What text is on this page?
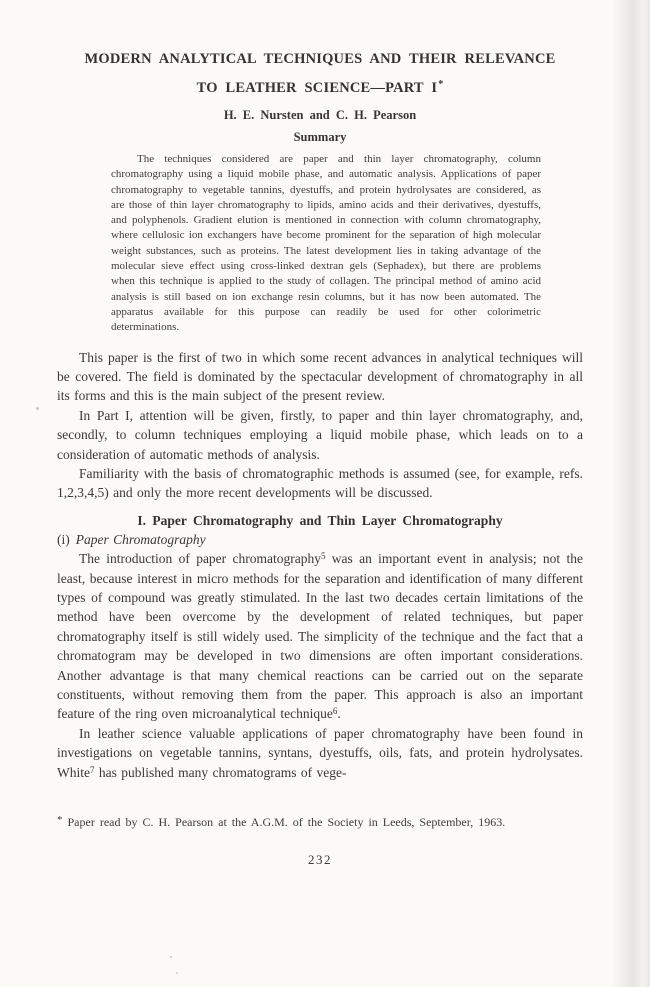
MODERN ANALYTICAL TECHNIQUES AND THEIR RELEVANCE
TO LEATHER SCIENCE—PART I*
H. E. Nursten and C. H. Pearson
Summary

The techniques considered are paper and thin layer chromatography, column chromatography using a liquid mobile phase, and automatic analysis. Applications of paper chromatography to vegetable tannins, dyestuffs, and protein hydrolysates are considered, as are those of thin layer chromatography to lipids, amino acids and their derivatives, dyestuffs, and polyphenols. Gradient elution is mentioned in connection with column chromatography, where cellulosic ion exchangers have become prominent for the separation of high molecular weight substances, such as proteins. The latest development lies in taking advantage of the molecular sieve effect using cross-linked dextran gels (Sephadex), but there are problems when this technique is applied to the study of collagen. The principal method of amino acid analysis is still based on ion exchange resin columns, but it has now been automated. The apparatus available for this purpose can readily be used for other colorimetric determinations.

This paper is the first of two in which some recent advances in analytical techniques will be covered. The field is dominated by the spectacular development of chromatography in all its forms and this is the main subject of the present review.

In Part I, attention will be given, firstly, to paper and thin layer chromatography, and, secondly, to column techniques employing a liquid mobile phase, which leads on to a consideration of automatic methods of analysis.

Familiarity with the basis of chromatographic methods is assumed (see, for example, refs. 1,2,3,4,5) and only the more recent developments will be discussed.

I. Paper Chromatography and Thin Layer Chromatography
(i) Paper Chromatography

The introduction of paper chromatography$^5$ was an important event in analysis; not the least, because interest in micro methods for the separation and identification of many different types of compound was greatly stimulated. In the last two decades certain limitations of the method have been overcome by the development of related techniques, but paper chromatography itself is still widely used. The simplicity of the technique and the fact that a chromatogram may be developed in two dimensions are often important considerations. Another advantage is that many chemical reactions can be carried out on the separate constituents, without removing them from the paper. This approach is also an important feature of the ring oven microanalytical technique$^6$.

In leather science valuable applications of paper chromatography have been found in investigations on vegetable tannins, syntans, dyestuffs, oils, fats, and protein hydrolysates. White$^7$ has published many chromatograms of vege-

* Paper read by C. H. Pearson at the A.G.M. of the Society in Leeds, September, 1963.
232
